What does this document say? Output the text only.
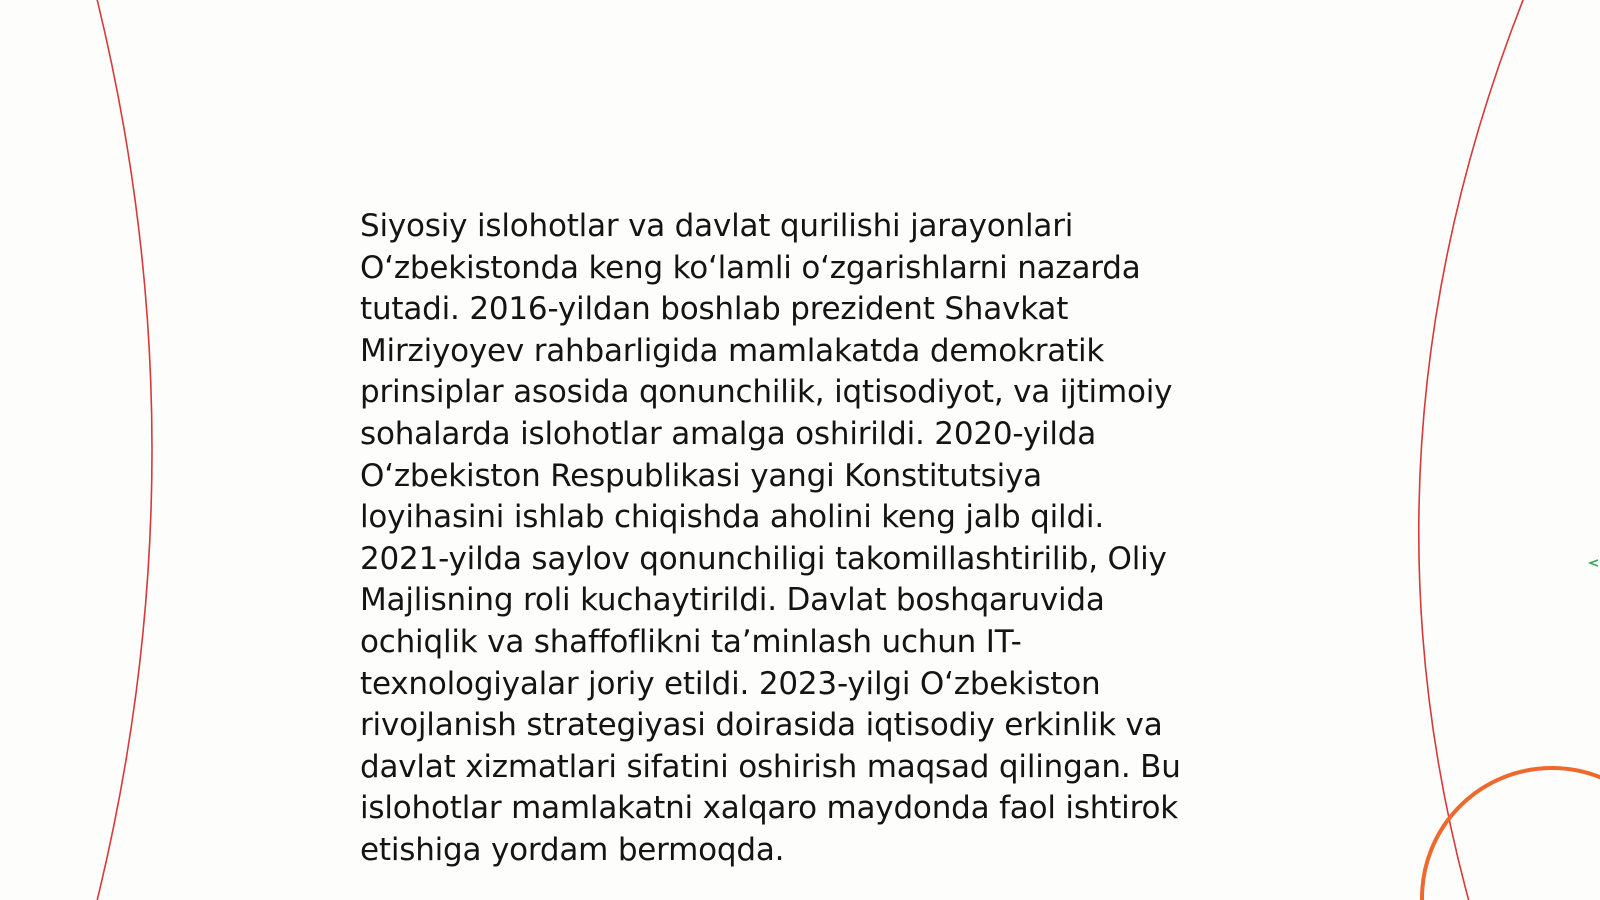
Siyosiy islohotlar va davlat qurilishi jarayonlari
O‘zbekistonda keng ko‘lamli o‘zgarishlarni nazarda
tutadi. 2016-yildan boshlab prezident Shavkat
Mirziyoyev rahbarligida mamlakatda demokratik
prinsiplar asosida qonunchilik, iqtisodiyot, va ijtimoiy
sohalarda islohotlar amalga oshirildi. 2020-yilda
O‘zbekiston Respublikasi yangi Konstitutsiya
loyihasini ishlab chiqishda aholini keng jalb qildi.
2021-yilda saylov qonunchiligi takomillashtirilib, Oliy
Majlisning roli kuchaytirildi. Davlat boshqaruvida
ochiqlik va shaffoflikni ta’minlash uchun IT-
texnologiyalar joriy etildi. 2023-yilgi O‘zbekiston
rivojlanish strategiyasi doirasida iqtisodiy erkinlik va
davlat xizmatlari sifatini oshirish maqsad qilingan. Bu
islohotlar mamlakatni xalqaro maydonda faol ishtirok
etishiga yordam bermoqda.
